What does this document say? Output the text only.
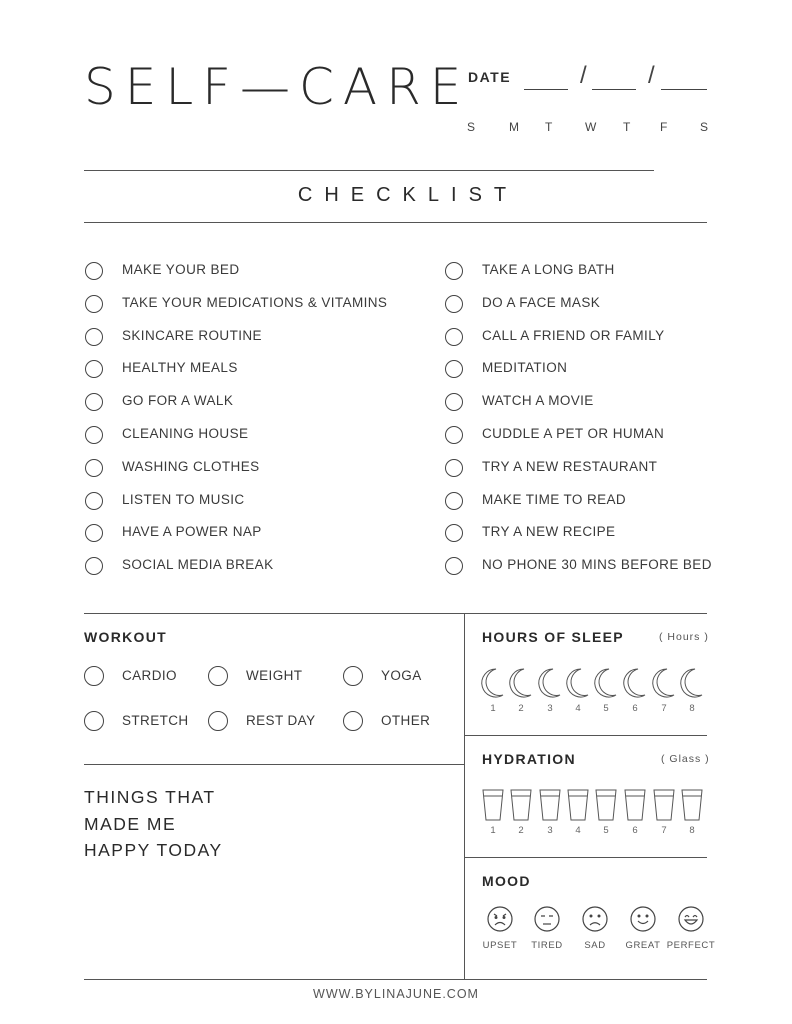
SELF—CARE
DATE	/	/
S	M T	W T F	S
CHECKLIST
MAKE YOUR BED
TAKE YOUR MEDICATIONS & VITAMINS
SKINCARE ROUTINE
HEALTHY MEALS
GO FOR A WALK
CLEANING HOUSE
WASHING CLOTHES
LISTEN TO MUSIC
HAVE A POWER NAP
SOCIAL MEDIA BREAK
TAKE A LONG BATH
DO A FACE MASK
CALL A FRIEND OR FAMILY
MEDITATION
WATCH A MOVIE
CUDDLE A PET OR HUMAN
TRY A NEW RESTAURANT
MAKE TIME TO READ
TRY A NEW RECIPE
NO PHONE 30 MINS BEFORE BED
WORKOUT
CARDIO	WEIGHT	YOGA
STRETCH	REST DAY	OTHER
THINGS THAT
MADE ME
HAPPY TODAY
HOURS OF SLEEP	( Hours )
1	2	3	4	5	6	7	8
HYDRATION	( Glass )
1	2	3	4	5	6	7	8
MOOD
UPSET	TIRED	SAD	GREAT PERFECT
WWW.BYLINAJUNE.COM
